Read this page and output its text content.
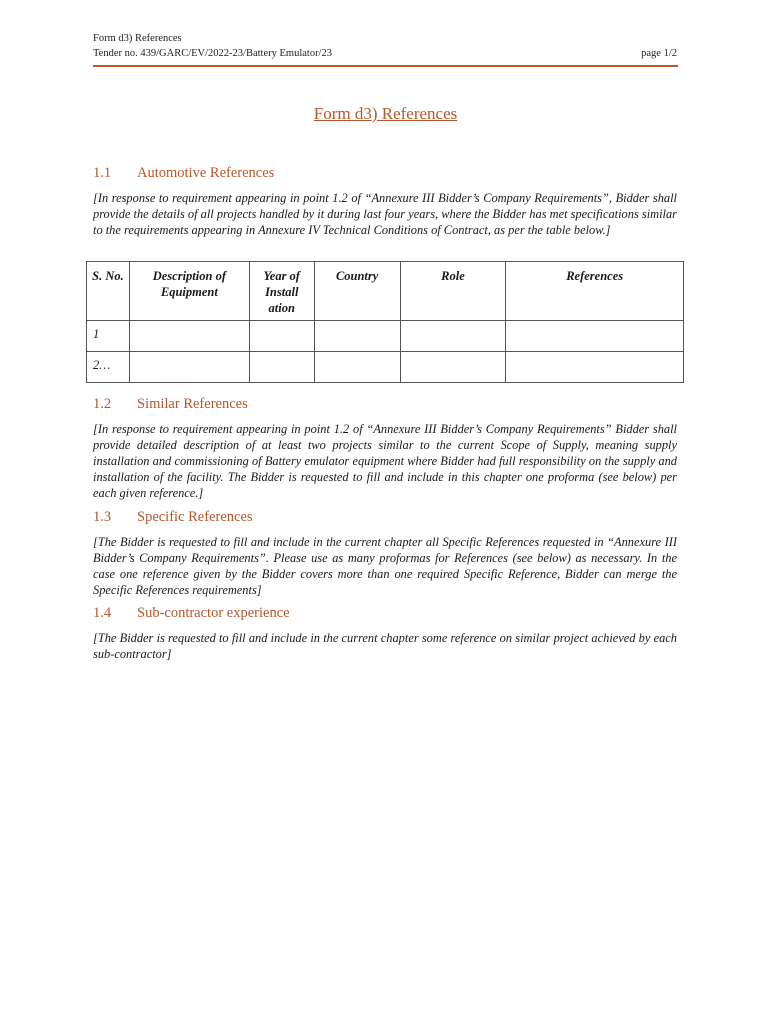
Form d3) References
Tender no. 439/GARC/EV/2022-23/Battery Emulator/23	page 1/2
Form d3) References
1.1 Automotive References
[In response to requirement appearing in point 1.2 of “Annexure III Bidder’s Company Requirements”, Bidder shall provide the details of all projects handled by it during last four years, where the Bidder has met specifications similar to the requirements appearing in Annexure IV Technical Conditions of Contract, as per the table below.]
S. No.	Description of Equipment	Year of Install ation	Country	Role	References
1					
2…					
1.2 Similar References
[In response to requirement appearing in point 1.2 of “Annexure III Bidder’s Company Requirements” Bidder shall provide detailed description of at least two projects similar to the current Scope of Supply, meaning supply installation and commissioning of Battery emulator equipment where Bidder had full responsibility on the supply and installation of the facility. The Bidder is requested to fill and include in this chapter one proforma (see below) per each given reference.]
1.3 Specific References
[The Bidder is requested to fill and include in the current chapter all Specific References requested in “Annexure III Bidder’s Company Requirements”. Please use as many proformas for References (see below) as necessary. In the case one reference given by the Bidder covers more than one required Specific Reference, Bidder can merge the Specific References requirements]
1.4 Sub-contractor experience
[The Bidder is requested to fill and include in the current chapter some reference on similar project achieved by each sub-contractor]
